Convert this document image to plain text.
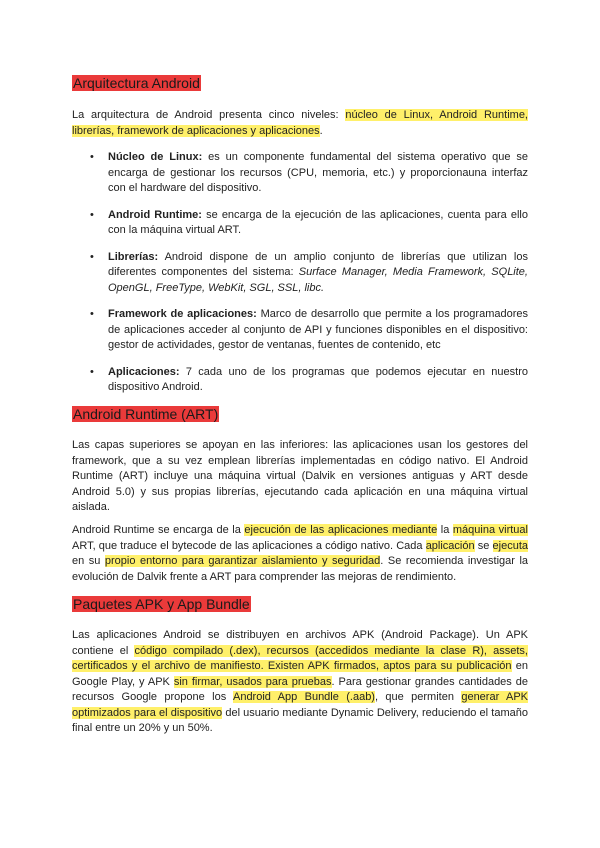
Arquitectura Android

La arquitectura de Android presenta cinco niveles: núcleo de Linux, Android Runtime, librerías, framework de aplicaciones y aplicaciones.

• Núcleo de Linux: es un componente fundamental del sistema operativo que se encarga de gestionar los recursos (CPU, memoria, etc.) y proporcionauna interfaz con el hardware del dispositivo.
• Android Runtime: se encarga de la ejecución de las aplicaciones, cuenta para ello con la máquina virtual ART.
• Librerías: Android dispone de un amplio conjunto de librerías que utilizan los diferentes componentes del sistema: Surface Manager, Media Framework, SQLite, OpenGL, FreeType, WebKit, SGL, SSL, libc.
• Framework de aplicaciones: Marco de desarrollo que permite a los programadores de aplicaciones acceder al conjunto de API y funciones disponibles en el dispositivo: gestor de actividades, gestor de ventanas, fuentes de contenido, etc
• Aplicaciones: 7 cada uno de los programas que podemos ejecutar en nuestro dispositivo Android.
Android Runtime (ART)

Las capas superiores se apoyan en las inferiores: las aplicaciones usan los gestores del framework, que a su vez emplean librerías implementadas en código nativo. El Android Runtime (ART) incluye una máquina virtual (Dalvik en versiones antiguas y ART desde Android 5.0) y sus propias librerías, ejecutando cada aplicación en una máquina virtual aislada.

Android Runtime se encarga de la ejecución de las aplicaciones mediante la máquina virtual ART, que traduce el bytecode de las aplicaciones a código nativo. Cada aplicación se ejecuta en su propio entorno para garantizar aislamiento y seguridad. Se recomienda investigar la evolución de Dalvik frente a ART para comprender las mejoras de rendimiento.

Paquetes APK y App Bundle

Las aplicaciones Android se distribuyen en archivos APK (Android Package). Un APK contiene el código compilado (.dex), recursos (accedidos mediante la clase R), assets, certificados y el archivo de manifiesto. Existen APK firmados, aptos para su publicación en Google Play, y APK sin firmar, usados para pruebas. Para gestionar grandes cantidades de recursos Google propone los Android App Bundle (.aab), que permiten generar APK optimizados para el dispositivo del usuario mediante Dynamic Delivery, reduciendo el tamaño final entre un 20% y un 50%.
